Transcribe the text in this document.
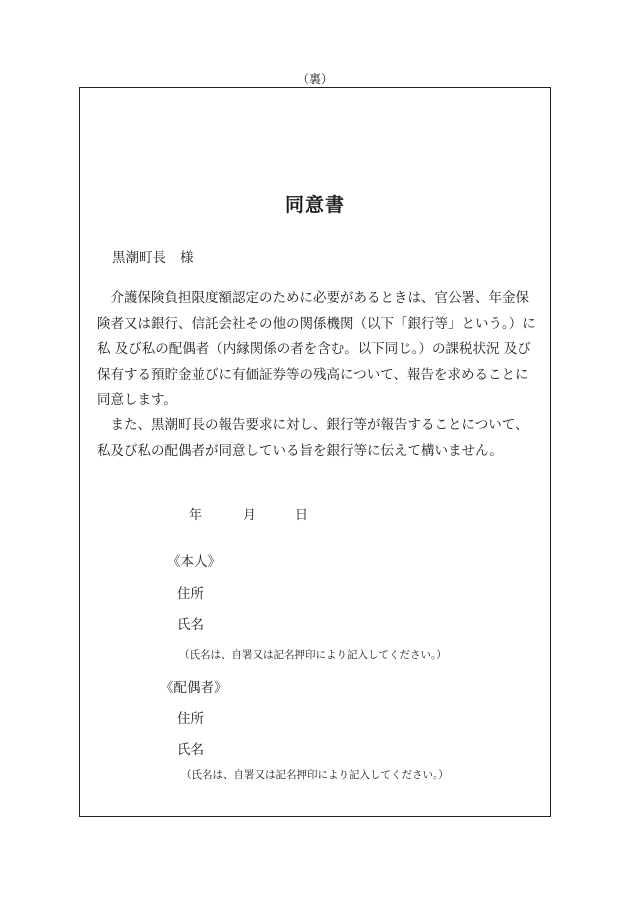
（裏）
同意書
黒潮町長 様

　介護保険負担限度額認定のために必要があるときは、官公署、年金保

険者又は銀行、信託会社その他の関係機関（以下「銀行等」という。）に

私 及び私の配偶者（内縁関係の者を含む。以下同じ。）の課税状況 及び

保有する預貯金並びに有価証券等の残高について、報告を求めることに

同意します。

　また、黒潮町長の報告要求に対し、銀行等が報告することについて、

私及び私の配偶者が同意している旨を銀行等に伝えて構いません。

年	月	日
《本人》
住所
氏名
（氏名は、自署又は記名押印により記入してください。）
《配偶者》
住所
氏名
（氏名は、自署又は記名押印により記入してください。）
